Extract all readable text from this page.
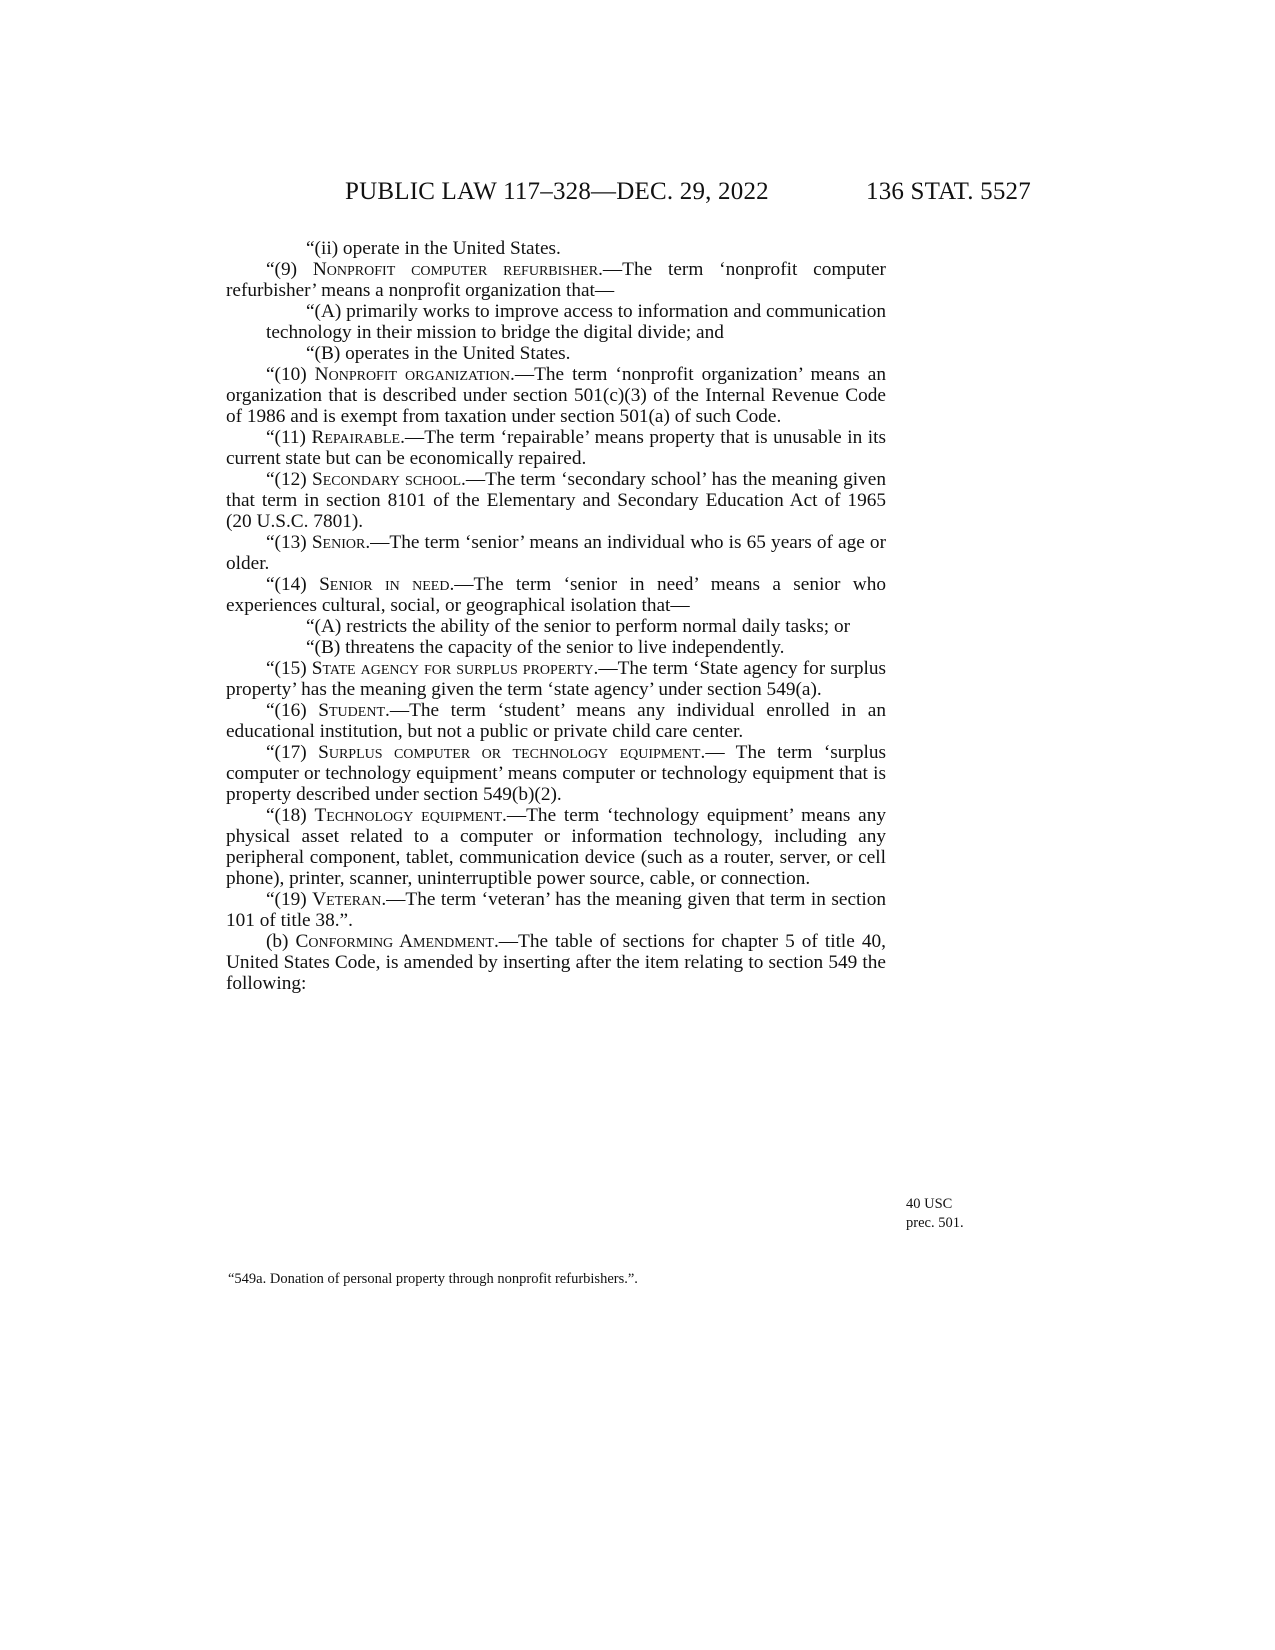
PUBLIC LAW 117–328—DEC. 29, 2022	136 STAT. 5527

“(ii) operate in the United States.

“(9) Nonprofit computer refurbisher.—The term ‘nonprofit computer refurbisher’ means a nonprofit organization that—

“(A) primarily works to improve access to information and communication technology in their mission to bridge the digital divide; and

“(B) operates in the United States.

“(10) Nonprofit organization.—The term ‘nonprofit organization’ means an organization that is described under section 501(c)(3) of the Internal Revenue Code of 1986 and is exempt from taxation under section 501(a) of such Code.

“(11) Repairable.—The term ‘repairable’ means property that is unusable in its current state but can be economically repaired.

“(12) Secondary school.—The term ‘secondary school’ has the meaning given that term in section 8101 of the Elementary and Secondary Education Act of 1965 (20 U.S.C. 7801).

“(13) Senior.—The term ‘senior’ means an individual who is 65 years of age or older.

“(14) Senior in need.—The term ‘senior in need’ means a senior who experiences cultural, social, or geographical isolation that—

“(A) restricts the ability of the senior to perform normal daily tasks; or

“(B) threatens the capacity of the senior to live independently.

“(15) State agency for surplus property.—The term ‘State agency for surplus property’ has the meaning given the term ‘state agency’ under section 549(a).

“(16) Student.—The term ‘student’ means any individual enrolled in an educational institution, but not a public or private child care center.

“(17) Surplus computer or technology equipment.— The term ‘surplus computer or technology equipment’ means computer or technology equipment that is property described under section 549(b)(2).

“(18) Technology equipment.—The term ‘technology equipment’ means any physical asset related to a computer or information technology, including any peripheral component, tablet, communication device (such as a router, server, or cell phone), printer, scanner, uninterruptible power source, cable, or connection.

“(19) Veteran.—The term ‘veteran’ has the meaning given that term in section 101 of title 38.”.

(b) Conforming Amendment.—The table of sections for chapter 5 of title 40, United States Code, is amended by inserting after the item relating to section 549 the following:

“549a. Donation of personal property through nonprofit refurbishers.”.
40 USC
prec. 501.
